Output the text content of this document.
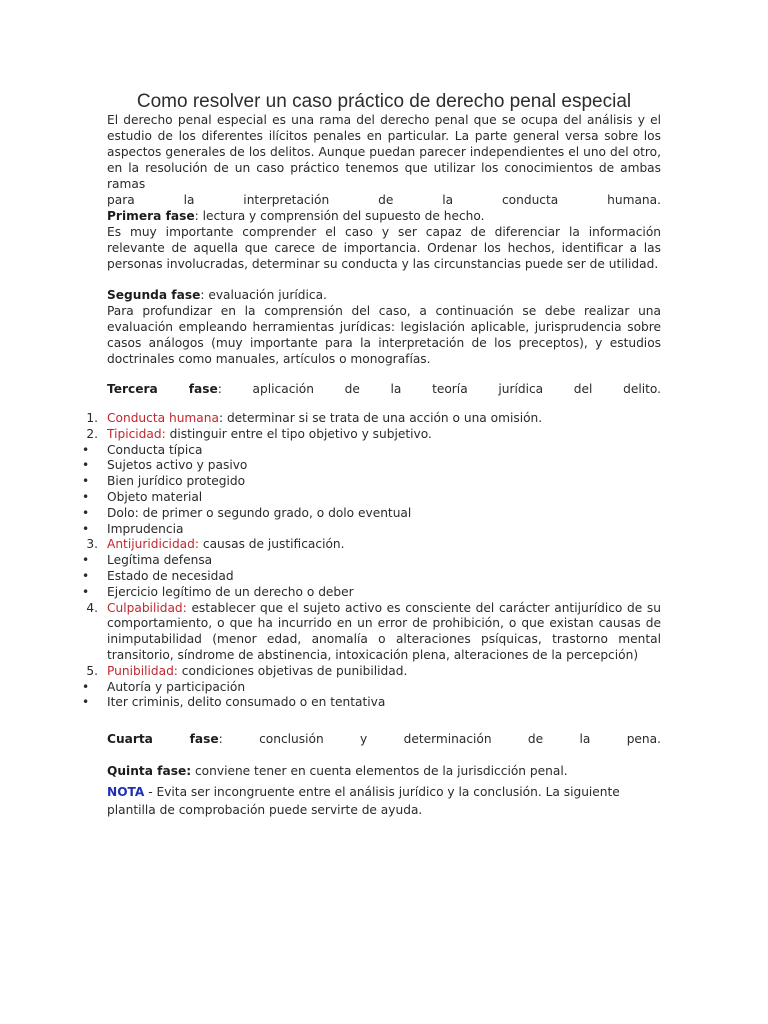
Como resolver un caso práctico de derecho penal especial

El derecho penal especial es una rama del derecho penal que se ocupa del análisis y el estudio de los diferentes ilícitos penales en particular. La parte general versa sobre los aspectos generales de los delitos. Aunque puedan parecer independientes el uno del otro, en la resolución de un caso práctico tenemos que utilizar los conocimientos de ambas ramas

para la interpretación de la conducta humana.

Primera fase: lectura y comprensión del supuesto de hecho.

Es muy importante comprender el caso y ser capaz de diferenciar la información relevante de aquella que carece de importancia. Ordenar los hechos, identificar a las personas involucradas, determinar su conducta y las circunstancias puede ser de utilidad.

Segunda fase: evaluación jurídica.

Para profundizar en la comprensión del caso, a continuación se debe realizar una evaluación empleando herramientas jurídicas: legislación aplicable, jurisprudencia sobre casos análogos (muy importante para la interpretación de los preceptos), y estudios doctrinales como manuales, artículos o monografías.

Tercera fase: aplicación de la teoría jurídica del delito.

1. Conducta humana: determinar si se trata de una acción o una omisión.
2. Tipicidad: distinguir entre el tipo objetivo y subjetivo.
•	Conducta típica
•	Sujetos activo y pasivo
•	Bien jurídico protegido
•	Objeto material
•	Dolo: de primer o segundo grado, o dolo eventual
•	Imprudencia
3. Antijuridicidad: causas de justificación.
•	Legítima defensa
•	Estado de necesidad
•	Ejercicio legítimo de un derecho o deber
4. Culpabilidad: establecer que el sujeto activo es consciente del carácter antijurídico de su comportamiento, o que ha incurrido en un error de prohibición, o que existan causas de inimputabilidad (menor edad, anomalía o alteraciones psíquicas, trastorno mental transitorio, síndrome de abstinencia, intoxicación plena, alteraciones de la percepción)
5. Punibilidad: condiciones objetivas de punibilidad.
•	Autoría y participación
•	Iter criminis, delito consumado o en tentativa

Cuarta fase: conclusión y determinación de la pena.

Quinta fase: conviene tener en cuenta elementos de la jurisdicción penal.

NOTA - Evita ser incongruente entre el análisis jurídico y la conclusión. La siguiente plantilla de comprobación puede servirte de ayuda.
